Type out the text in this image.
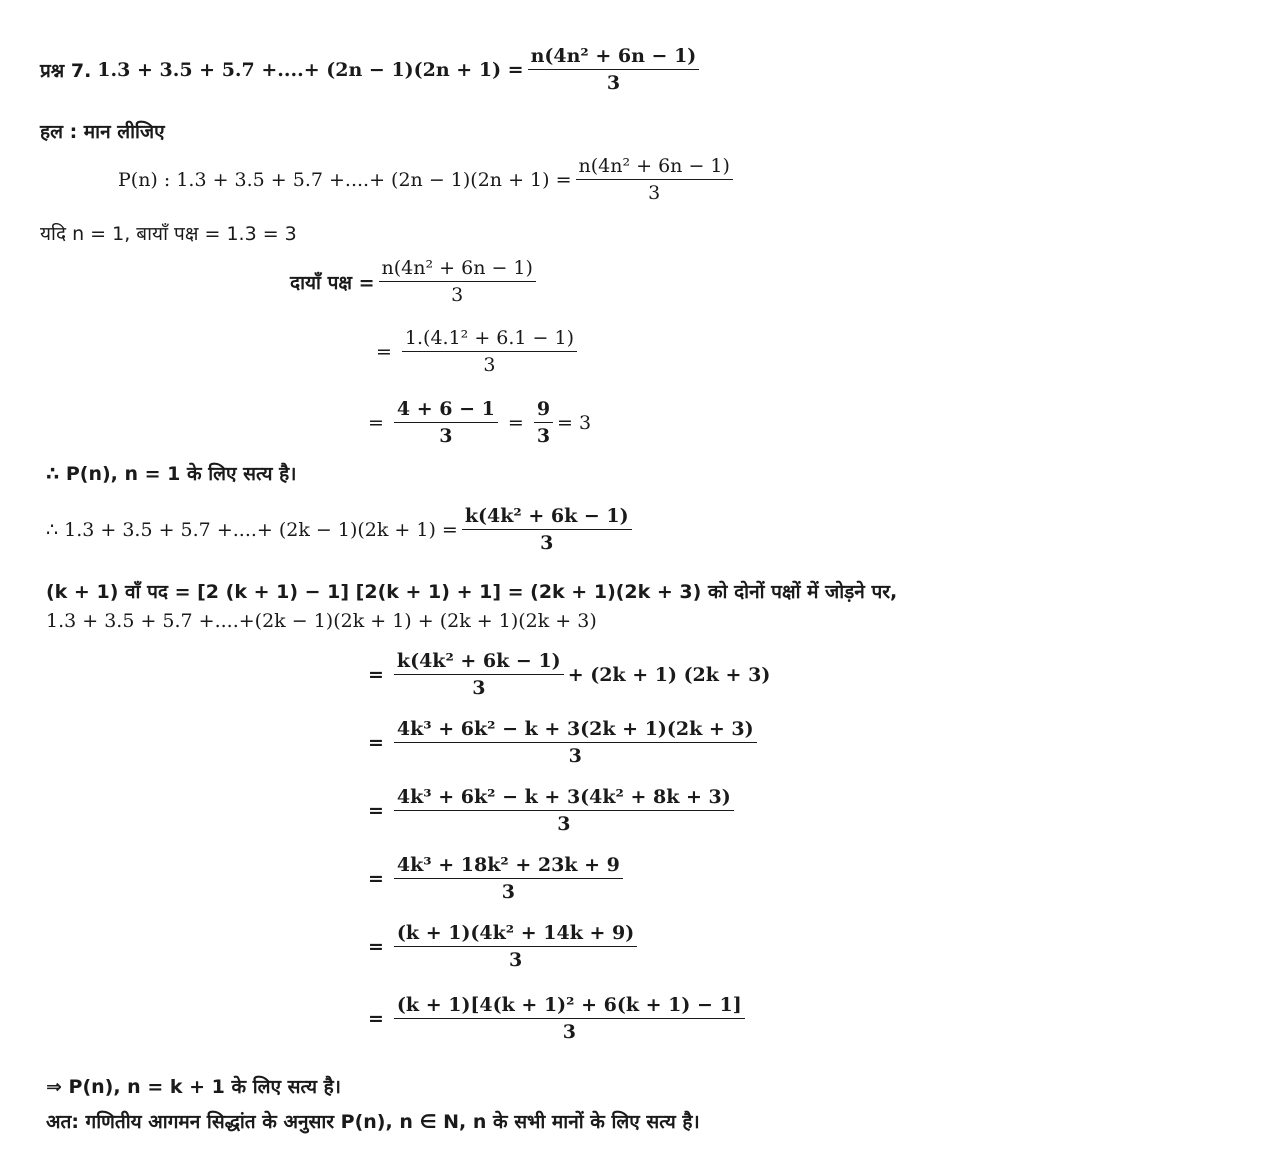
प्रश्न 7. 1.3 + 3.5 + 5.7 +....+ $(2n - 1)(2n + 1) = \frac{\text{n(4n² + 6n − 1)}}{3}$
हल : मान लीजिए
P(n) : 1.3 + 3.5 + 5.7 +....+ $(2n - 1)(2n + 1) = \frac{\text{n(4n² + 6n − 1)}}{3}$
यदि n = 1, बायाँ पक्ष = 1.3 = 3
दायाँ पक्ष = $\frac{\text{n(4n² + 6n − 1)}}{3}$
= $\frac{\text{1.(4.1² + 6.1 − 1)}}{3}$
= $\frac{4 + 6 - 1}{3} = \frac{9}{3} = 3$
∴ P(n), n = 1 के लिए सत्य है।
∴ 1.3 + 3.5 + 5.7 +....+ $(2k - 1)(2k + 1) = \frac{\text{k(4k² + 6k − 1)}}{3}$
(k + 1) वाँ पद = [2 (k + 1) − 1] [2(k + 1) + 1] = (2k + 1)(2k + 3) को दोनों पक्षों में जोड़ने पर,
1.3 + 3.5 + 5.7 +....+(2k − 1)(2k + 1) + (2k + 1)(2k + 3)
= $\frac{\text{k(4k² + 6k − 1)}}{3} + (2k + 1) (2k + 3)$
= $\frac{\text{4k³ + 6k² − k + 3(2k + 1)(2k + 3)}}{3}$
= $\frac{\text{4k³ + 6k² − k + 3(4k² + 8k + 3)}}{3}$
= $\frac{\text{4k³ + 18k² + 23k + 9}}{3}$
= $\frac{\text{(k + 1)(4k² + 14k + 9)}}{3}$
= $\frac{\text{(k + 1)[4(k + 1)² + 6(k + 1) − 1]}}{3}$
⇒ P(n), n = k + 1 के लिए सत्य है।
अत: गणितीय आगमन सिद्धांत के अनुसार P(n), n ∈ N, n के सभी मानों के लिए सत्य है।
